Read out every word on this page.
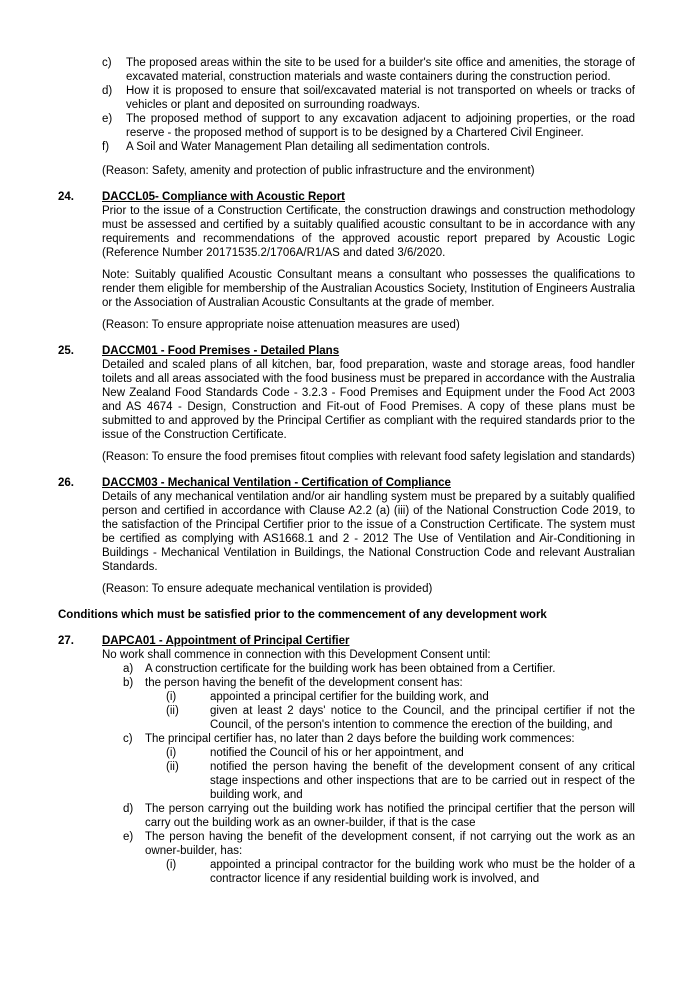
c) The proposed areas within the site to be used for a builder's site office and amenities, the storage of excavated material, construction materials and waste containers during the construction period.
d) How it is proposed to ensure that soil/excavated material is not transported on wheels or tracks of vehicles or plant and deposited on surrounding roadways.
e) The proposed method of support to any excavation adjacent to adjoining properties, or the road reserve - the proposed method of support is to be designed by a Chartered Civil Engineer.
f) A Soil and Water Management Plan detailing all sedimentation controls.
(Reason: Safety, amenity and protection of public infrastructure and the environment)
24. DACCL05- Compliance with Acoustic Report
Prior to the issue of a Construction Certificate, the construction drawings and construction methodology must be assessed and certified by a suitably qualified acoustic consultant to be in accordance with any requirements and recommendations of the approved acoustic report prepared by Acoustic Logic (Reference Number 20171535.2/1706A/R1/AS and dated 3/6/2020.
Note: Suitably qualified Acoustic Consultant means a consultant who possesses the qualifications to render them eligible for membership of the Australian Acoustics Society, Institution of Engineers Australia or the Association of Australian Acoustic Consultants at the grade of member.
(Reason: To ensure appropriate noise attenuation measures are used)
25. DACCM01 - Food Premises - Detailed Plans
Detailed and scaled plans of all kitchen, bar, food preparation, waste and storage areas, food handler toilets and all areas associated with the food business must be prepared in accordance with the Australia New Zealand Food Standards Code - 3.2.3 - Food Premises and Equipment under the Food Act 2003 and AS 4674 - Design, Construction and Fit-out of Food Premises. A copy of these plans must be submitted to and approved by the Principal Certifier as compliant with the required standards prior to the issue of the Construction Certificate.
(Reason: To ensure the food premises fitout complies with relevant food safety legislation and standards)
26. DACCM03 - Mechanical Ventilation - Certification of Compliance
Details of any mechanical ventilation and/or air handling system must be prepared by a suitably qualified person and certified in accordance with Clause A2.2 (a) (iii) of the National Construction Code 2019, to the satisfaction of the Principal Certifier prior to the issue of a Construction Certificate. The system must be certified as complying with AS1668.1 and 2 - 2012 The Use of Ventilation and Air-Conditioning in Buildings - Mechanical Ventilation in Buildings, the National Construction Code and relevant Australian Standards.
(Reason: To ensure adequate mechanical ventilation is provided)
Conditions which must be satisfied prior to the commencement of any development work
27. DAPCA01 - Appointment of Principal Certifier
No work shall commence in connection with this Development Consent until:
a) A construction certificate for the building work has been obtained from a Certifier.
b) the person having the benefit of the development consent has:
(i)	appointed a principal certifier for the building work, and
(ii)	given at least 2 days' notice to the Council, and the principal certifier if not the Council, of the person's intention to commence the erection of the building, and
c) The principal certifier has, no later than 2 days before the building work commences:
(i)	notified the Council of his or her appointment, and
(ii)	notified the person having the benefit of the development consent of any critical stage inspections and other inspections that are to be carried out in respect of the building work, and
d) The person carrying out the building work has notified the principal certifier that the person will carry out the building work as an owner-builder, if that is the case
e) The person having the benefit of the development consent, if not carrying out the work as an owner-builder, has:
(i)	appointed a principal contractor for the building work who must be the holder of a contractor licence if any residential building work is involved, and
